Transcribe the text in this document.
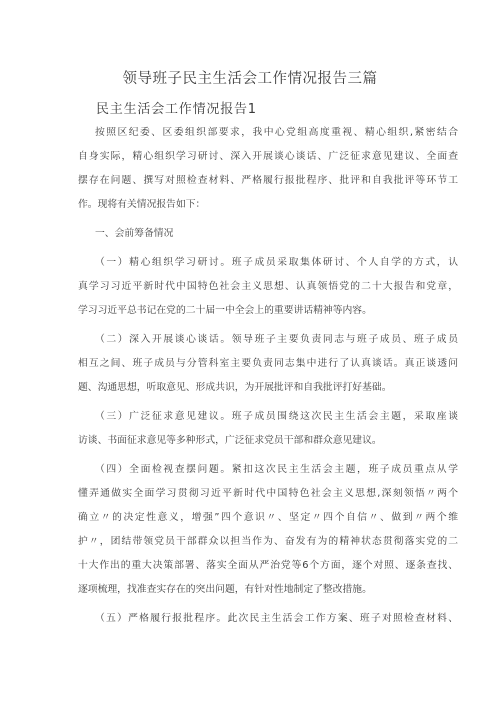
领导班子民主生活会工作情况报告三篇
民主生活会工作情况报告1
按照区纪委、区委组织部要求，我中心党组高度重视、精心组织,紧密结合
自身实际，精心组织学习研讨、深入开展谈心谈话、广泛征求意见建议、全面查
摆存在问题、撰写对照检查材料、严格履行报批程序、批评和自我批评等环节工
作。现将有关情况报告如下：
一、会前筹备情况
（一）精心组织学习研讨。班子成员采取集体研讨、个人自学的方式，认
真学习习近平新时代中国特色社会主义思想、认真领悟党的二十大报告和党章，
学习习近平总书记在党的二十届一中全会上的重要讲话精神等内容。
（二）深入开展谈心谈话。领导班子主要负责同志与班子成员、班子成员
相互之间、班子成员与分管科室主要负责同志集中进行了认真谈话。真正谈透问
题、沟通思想，听取意见、形成共识，为开展批评和自我批评打好基础。
（三）广泛征求意见建议。班子成员围绕这次民主生活会主题，采取座谈
访谈、书面征求意见等多种形式，广泛征求党员干部和群众意见建议。
（四）全面检视查摆问题。紧扣这次民主生活会主题，班子成员重点从学
懂弄通做实全面学习贯彻习近平新时代中国特色社会主义思想,深刻领悟〃两个
确立〃的决定性意义，增强”四个意识〃、坚定〃四个自信〃、做到〃两个维
护〃，团结带领党员干部群众以担当作为、奋发有为的精神状态贯彻落实党的二
十大作出的重大决策部署、落实全面从严治党等6个方面，逐个对照、逐条查找、
逐项梳理，找准查实存在的突出问题，有针对性地制定了整改措施。
（五）严格履行报批程序。此次民主生活会工作方案、班子对照检查材料、
